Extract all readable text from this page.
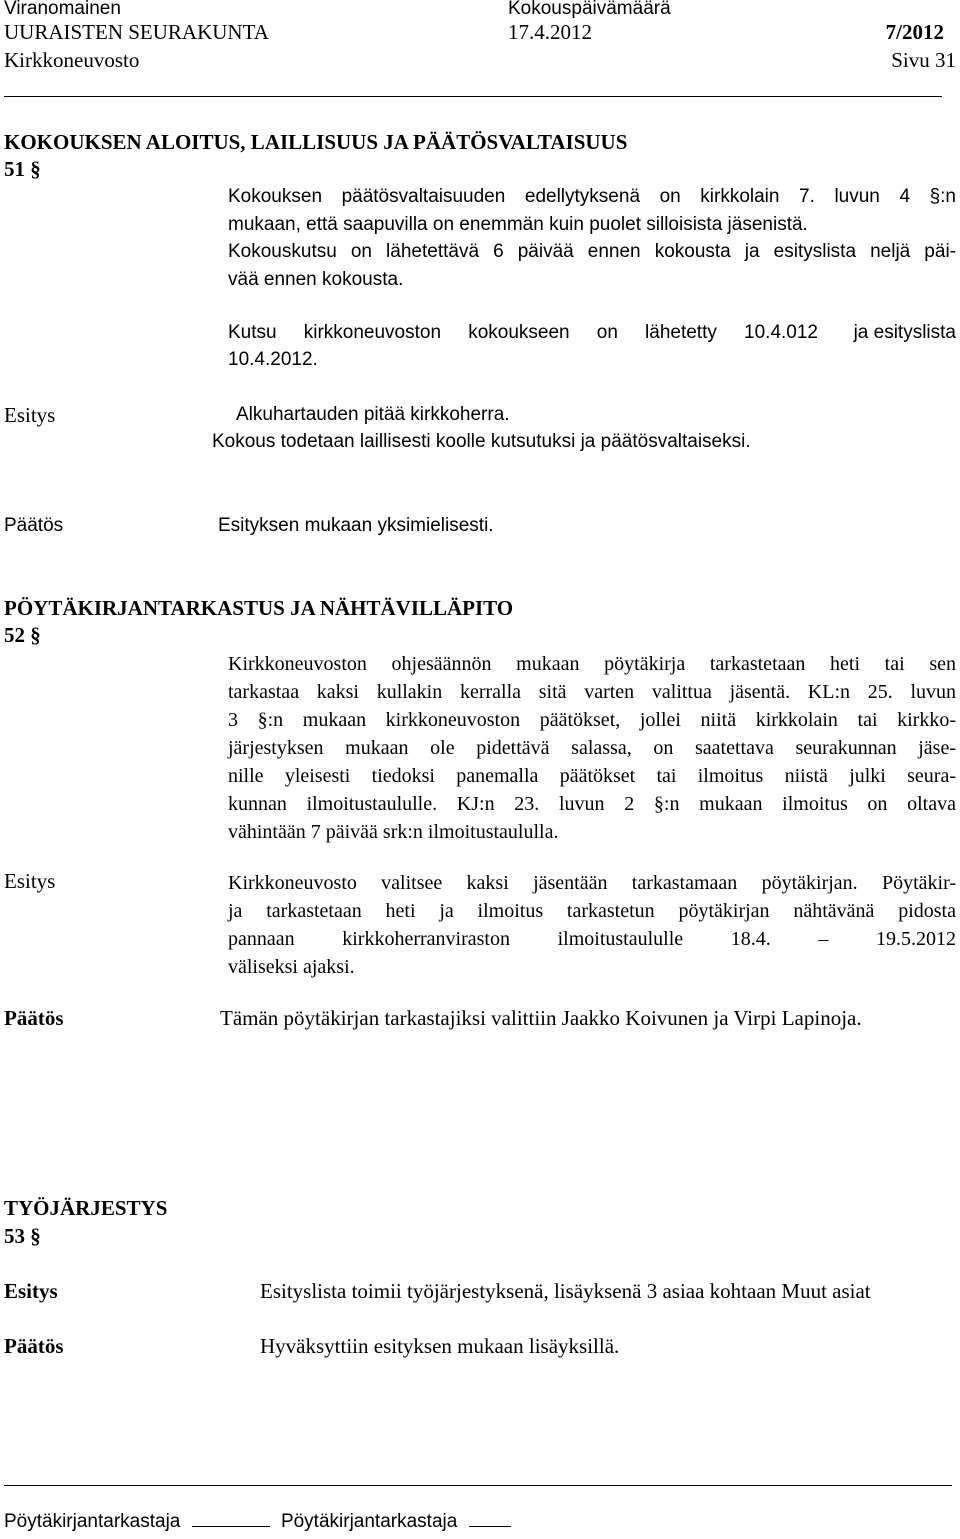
Viranomainen	Kokouspäivämäärä
UURAISTEN SEURAKUNTA	17.4.2012	7/2012
Kirkkoneuvosto	Sivu 31
KOKOUKSEN ALOITUS, LAILLISUUS JA PÄÄTÖSVALTAISUUS
51 §
Kokouksen päätösvaltaisuuden edellytyksenä on kirkkolain 7. luvun 4 §:n
mukaan, että saapuvilla on enemmän kuin puolet silloisista jäsenistä.
Kokouskutsu on lähetettävä 6 päivää ennen kokousta ja esityslista neljä päi-
vää ennen kokousta.
Kutsu kirkkoneuvoston kokoukseen on lähetetty 10.4.012 ja esityslista
10.4.2012.
Esitys	Alkuhartauden pitää kirkkoherra.
Kokous todetaan laillisesti koolle kutsutuksi ja päätösvaltaiseksi.
Päätös	Esityksen mukaan yksimielisesti.
PÖYTÄKIRJANTARKASTUS JA NÄHTÄVILLÄPITO
52 §
Kirkkoneuvoston ohjesäännön mukaan pöytäkirja tarkastetaan heti tai sen
tarkastaa kaksi kullakin kerralla sitä varten valittua jäsentä. KL:n 25. luvun
3 §:n mukaan kirkkoneuvoston päätökset, jollei niitä kirkkolain tai kirkko-
järjestyksen mukaan ole pidettävä salassa, on saatettava seurakunnan jäse-
nille yleisesti tiedoksi panemalla päätökset tai ilmoitus niistä julki seura-
kunnan ilmoitustaululle. KJ:n 23. luvun 2 §:n mukaan ilmoitus on oltava
vähintään 7 päivää srk:n ilmoitustaululla.
Esitys	Kirkkoneuvosto valitsee kaksi jäsentään tarkastamaan pöytäkirjan. Pöytäkir-
ja tarkastetaan heti ja ilmoitus tarkastetun pöytäkirjan nähtävänä pidosta
pannaan kirkkoherranviraston ilmoitustaululle 18.4. – 19.5.2012
väliseksi ajaksi.
Päätös	Tämän pöytäkirjan tarkastajiksi valittiin Jaakko Koivunen ja Virpi Lapinoja.
TYÖJÄRJESTYS
53 §
Esitys	Esityslista toimii työjärjestyksenä, lisäyksenä 3 asiaa kohtaan Muut asiat
Päätös	Hyväksyttiin esityksen mukaan lisäyksillä.
Pöytäkirjantarkastaja	Pöytäkirjantarkastaja
